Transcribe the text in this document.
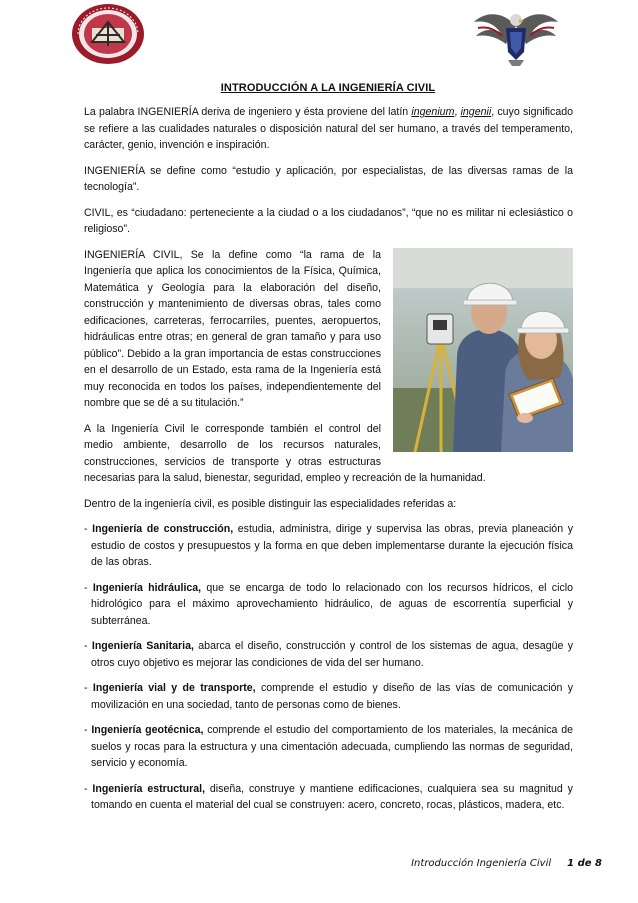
INTRODUCCIÓN A LA INGENIERÍA CIVIL

La palabra INGENIERÍA deriva de ingeniero y ésta proviene del latín ingenium, ingenii, cuyo significado se refiere a las cualidades naturales o disposición natural del ser humano, a través del temperamento, carácter, genio, invención e inspiración.

INGENIERÍA se define como “estudio y aplicación, por especialistas, de las diversas ramas de la tecnología”.

CIVIL, es “ciudadano: perteneciente a la ciudad o a los ciudadanos”, “que no es militar ni eclesiástico o religioso”.

INGENIERÍA CIVIL, Se la define como “la rama de la Ingeniería que aplica los conocimientos de la Física, Química, Matemática y Geología para la elaboración del diseño, construcción y mantenimiento de diversas obras, tales como edificaciones, carreteras, ferrocarriles, puentes, aeropuertos, hidráulicas entre otras; en general de gran tamaño y para uso público”. Debido a la gran importancia de estas construcciones en el desarrollo de un Estado, esta rama de la Ingeniería está muy reconocida en todos los países, independientemente del nombre que se dé a su titulación.”

A la Ingeniería Civil le corresponde también el control del medio ambiente, desarrollo de los recursos naturales, construcciones, servicios de transporte y otras estructuras necesarias para la salud, bienestar, seguridad, empleo y recreación de la humanidad.

Dentro de la ingeniería civil, es posible distinguir las especialidades referidas a:

- Ingeniería de construcción, estudia, administra, dirige y supervisa las obras, previa planeación y estudio de costos y presupuestos y la forma en que deben implementarse durante la ejecución física de las obras.
- Ingeniería hidráulica, que se encarga de todo lo relacionado con los recursos hídricos, el ciclo hidrológico para el máximo aprovechamiento hidráulico, de aguas de escorrentía superficial y subterránea.
- Ingeniería Sanitaria, abarca el diseño, construcción y control de los sistemas de agua, desagüe y otros cuyo objetivo es mejorar las condiciones de vida del ser humano.
- Ingeniería vial y de transporte, comprende el estudio y diseño de las vías de comunicación y movilización en una sociedad, tanto de personas como de bienes.
- Ingeniería geotécnica, comprende el estudio del comportamiento de los materiales, la mecánica de suelos y rocas para la estructura y una cimentación adecuada, cumpliendo las normas de seguridad, servicio y economía.
- Ingeniería estructural, diseña, construye y mantiene edificaciones, cualquiera sea su magnitud y tomando en cuenta el material del cual se construyen: acero, concreto, rocas, plásticos, madera, etc.
Introducción Ingeniería Civil 1 de 8
